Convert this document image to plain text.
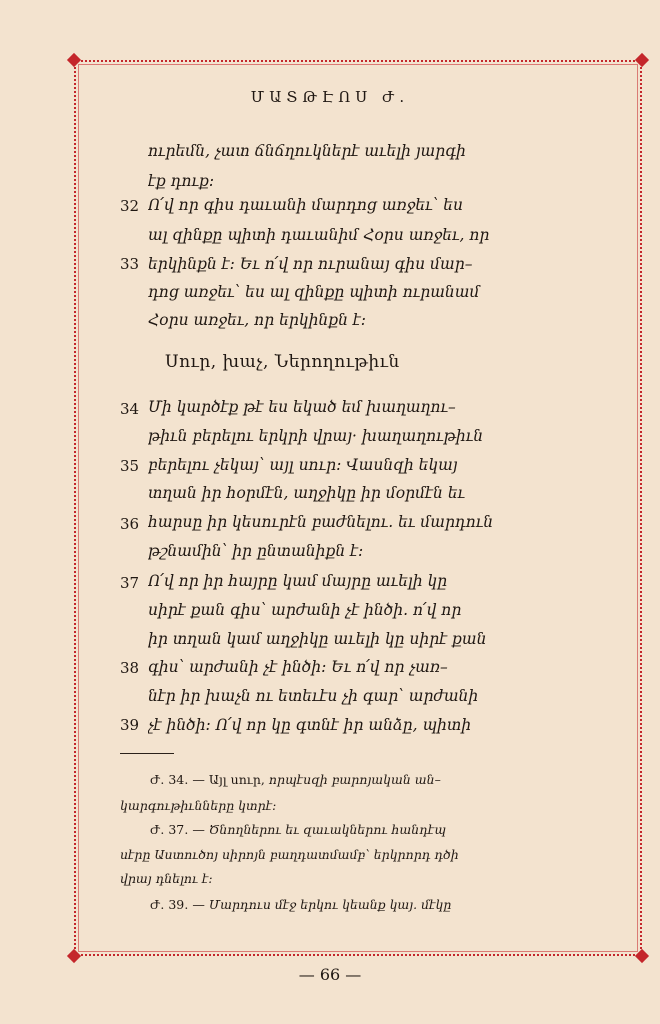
ՄԱՏԹԷՈՍ Ժ․
ուրեմն, չատ ճնճղուկներէ աւելի յարգի
էք դուք:
32 Ո՛վ որ գիս դաւանի մարդոց առջեւ՝ ես
ալ զինքը պիտի դաւանիմ Հօրս առջեւ, որ
33 երկինքն է: Եւ ո՛վ որ ուրանայ գիս մար–
դոց առջեւ՝ ես ալ զինքը պիտի ուրանամ
Հօրս առջեւ, որ երկինքն է:
Սուր, խաչ, Ներողութիւն
34 Մի կարծէք թէ ես եկած եմ խաղաղու–
թիւն բերելու երկրի վրայ· խաղաղութիւն
35 բերելու չեկայ՝ այլ սուր: Վասնզի եկայ
տղան իր հօրմէն, աղջիկը իր մօրմէն եւ
36 հարսը իր կեսուրէն բաժնելու. եւ մարդուն
թշնամին՝ իր ընտանիքն է:
37 Ո՛վ որ իր հայրը կամ մայրը աւելի կը
սիրէ քան գիս՝ արժանի չէ ինծի. ո՛վ որ
իր տղան կամ աղջիկը աւելի կը սիրէ քան
38 գիս՝ արժանի չէ ինծի: Եւ ո՛վ որ չառ–
նէր իր խաչն ու ետեւէս չի գար՝ արժանի
39 չէ ինծի: Ո՛վ որ կը գտնէ իր անձը, պիտի
Ժ․ 34․ — Այլ սուր, որպէսզի բարոյական ան–
կարգութիւնները կտրէ:
Ժ․ 37․ — Ծնողներու եւ զաւակներու հանդէպ
սէրը Աստուծոյ սիրոյն բաղդատմամբ՝ երկրորդ դծի
վրայ դնելու է:
Ժ․ 39․ — Մարդուս մէջ երկու կեանք կայ. մէկը
— 66 —
